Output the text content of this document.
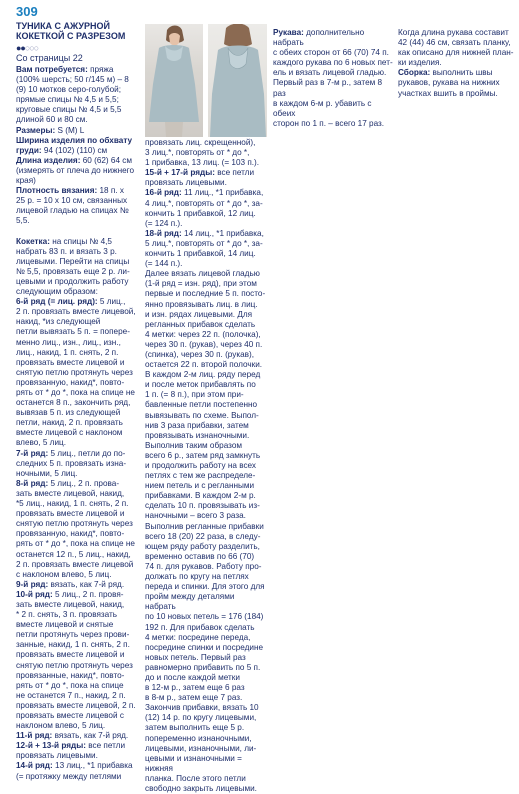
309
ТУНИКА С АЖУРНОЙ
КОКЕТКОЙ С РАЗРЕЗОМ
●●○○○
Со страницы 22

Вам потребуется: пряжа

(100% шерсть; 50 г/145 м) – 8

(9) 10 мотков серо-голубой;

прямые спицы № 4,5 и 5,5;

круговые спицы № 4,5 и 5,5

длиной 60 и 80 см.

Размеры: S (M) L

Ширина изделия по обхвату

груди: 94 (102) (110) см

Длина изделия: 60 (62) 64 см

(измерять от плеча до нижнего

края)

Плотность вязания: 18 п. х

25 р. = 10 х 10 см, связанных

лицевой гладью на спицах № 5,5.

Кокетка: на спицы № 4,5

набрать 83 п. и вязать 3 р.

лицевыми. Перейти на спицы

№ 5,5, провязать еще 2 р. ли-

цевыми и продолжить работу

следующим образом:

6-й ряд (= лиц. ряд): 5 лиц.,

2 п. провязать вместе лицевой,

накид, *из следующей

петли вывязать 5 п. = попере-

менно лиц., изн., лиц., изн.,

лиц., накид, 1 п. снять, 2 п.

провязать вместе лицевой и

снятую петлю протянуть через

провязанную, накид*, повто-

рять от * до *, пока на спице не

останется 8 п., закончить ряд,

вывязав 5 п. из следующей

петли, накид, 2 п. провязать

вместе лицевой с наклоном

влево, 5 лиц.

7-й ряд: 5 лиц., петли до по-

следних 5 п. провязать изна-

ночными, 5 лиц.

8-й ряд: 5 лиц., 2 п. прова-

зать вместе лицевой, накид,

*5 лиц., накид, 1 п. снять, 2 п.

провязать вместе лицевой и

снятую петлю протянуть через

провязанную, накид*, повто-

рять от * до *, пока на спице не

останется 12 п., 5 лиц., накид,

2 п. провязать вместе лицевой

с наклоном влево, 5 лиц.

9-й ряд: вязать, как 7-й ряд.

10-й ряд: 5 лиц., 2 п. провя-

зать вместе лицевой, накид,

* 2 п. снять, 3 п. провязать

вместе лицевой и снятые

петли протянуть через прови-

занные, накид, 1 п. снять, 2 п.

провязать вместе лицевой и

снятую петлю протянуть через

провязанные, накид*, повто-

рять от * до *, пока на спице

не останется 7 п., накид, 2 п.

провязать вместе лицевой, 2 п.

провязать вместе лицевой с

наклоном влево, 5 лиц.

11-й ряд: вязать, как 7-й ряд.

12-й + 13-й ряды: все петли

провязать лицевыми.

14-й ряд: 13 лиц., *1 прибавка

(= протяжку между петлями

провязать лиц. скрещенной),

3 лиц.*, повторять от * до *,

1 прибавка, 13 лиц. (= 103 п.).

15-й + 17-й ряды: все петли

провязать лицевыми.

16-й ряд: 11 лиц., *1 прибавка,

4 лиц.*, повторять от * до *, за-

кончить 1 прибавкой, 12 лиц.

(= 124 п.).

18-й ряд: 14 лиц., *1 прибавка,

5 лиц.*, повторять от * до *, за-

кончить 1 прибавкой, 14 лиц.

(= 144 п.).

Далее вязать лицевой гладью

(1-й ряд = изн. ряд), при этом

первые и последние 5 п. посто-

янно провязывать лиц. в лиц.

и изн. рядах лицевыми. Для

регланных прибавок сделать

4 метки: через 22 п. (полочка),

через 30 п. (рукав), через 40 п.

(спинка), через 30 п. (рукав),

остается 22 п. второй полочки.

В каждом 2-м лиц. ряду перед

и после меток прибавлять по

1 п. (= 8 п.), при этом при-

бавленные петли постепенно

вывязывать по схеме. Выпол-

нив 3 раза прибавки, затем

провязывать изнаночными.

Выполнив таким образом

всего 6 р., затем ряд замкнуть

и продолжить работу на всех

петлях с тем же распределе-

нием петель и с регланными

прибавками. В каждом 2-м р.

сделать 10 п. провязывать из-

наночными – всего 3 раза.

Выполнив регланные прибавки

всего 18 (20) 22 раза, в следу-

ющем ряду работу разделить,

временно оставив по 66 (70)

74 п. для рукавов. Работу про-

должать по кругу на петлях

переда и спинки. Для этого для

пройм между деталями набрать

по 10 новых петель = 176 (184)

192 п. Для прибавок сделать

4 метки: посредине переда,

посредине спинки и посредине

новых петель. Первый раз

равномерно прибавить по 5 п.

до и после каждой метки

в 12-м р., затем еще 6 раз

в 8-м р., затем еще 7 раз.

Закончив прибавки, вязать 10

(12) 14 р. по кругу лицевыми,

затем выполнить еще 5 р.

попеременно изнаночными,

лицевыми, изнаночными, ли-

цевыми и изнаночными = нижняя

планка. После этого петли

свободно закрыть лицевыми.

Рукава: дополнительно набрать

с обеих сторон от 66 (70) 74 п.

каждого рукава по 6 новых пет-

ель и вязать лицевой гладью.

Первый раз в 7-м р., затем 8 раз

в каждом 6-м р. убавить с обеих

сторон по 1 п. – всего 17 раз.

Когда длина рукава составит

42 (44) 46 см, связать планку,

как описано для нижней план-

ки изделия.

Сборка: выполнить швы

рукавов, рукава на нижних

участках вшить в проймы.
